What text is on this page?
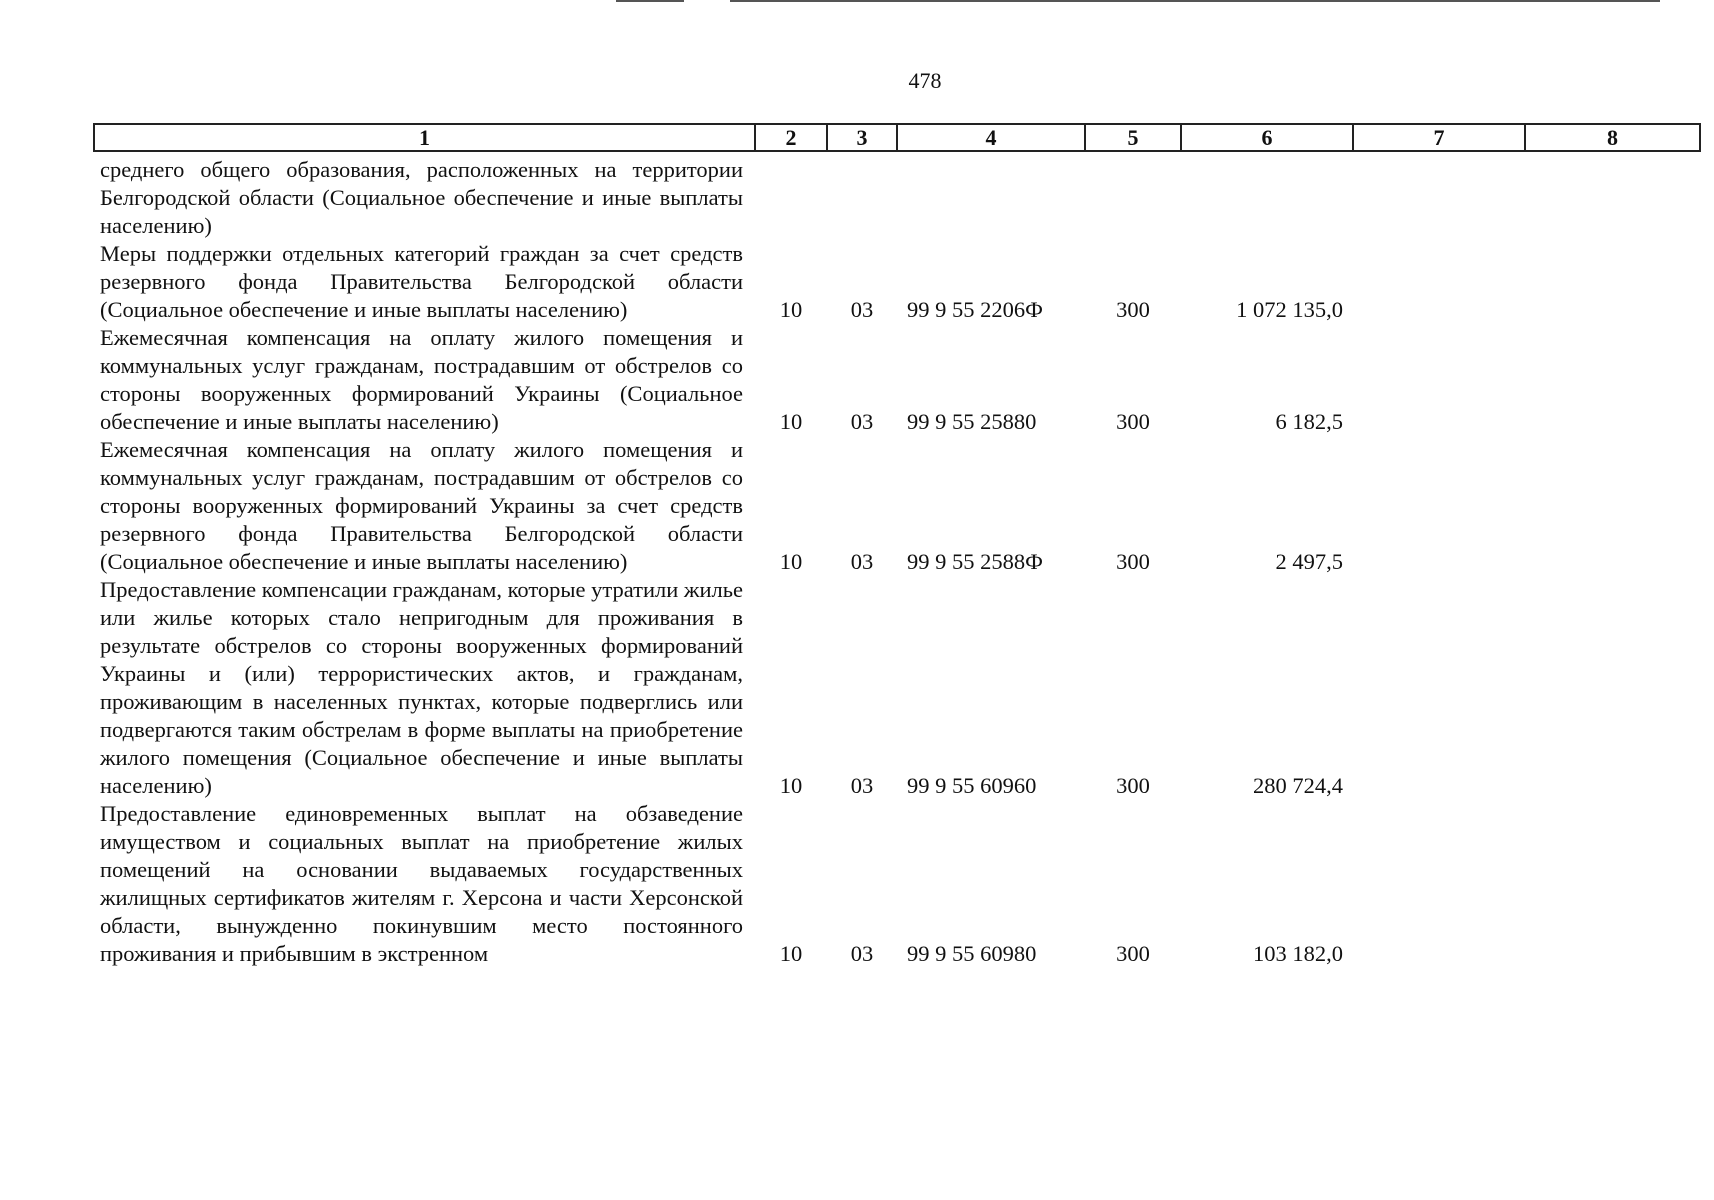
478
1	2	3	4	5	6	7	8
среднего общего образования, расположенных на территории Белгородской области (Социальное обеспечение и иные выплаты населению)							
Меры поддержки отдельных категорий граждан за счет средств резервного фонда Правительства Белгородской области (Социальное обеспечение и иные выплаты населению)	10	03	99 9 55 2206Ф	300	1 072 135,0		
Ежемесячная компенсация на оплату жилого помещения и коммунальных услуг гражданам, пострадавшим от обстрелов со стороны вооруженных формирований Украины (Социальное обеспечение и иные выплаты населению)	10	03	99 9 55 25880	300	6 182,5		
Ежемесячная компенсация на оплату жилого помещения и коммунальных услуг гражданам, пострадавшим от обстрелов со стороны вооруженных формирований Украины за счет средств резервного фонда Правительства Белгородской области (Социальное обеспечение и иные выплаты населению)	10	03	99 9 55 2588Ф	300	2 497,5		
Предоставление компенсации гражданам, которые утратили жилье или жилье которых стало непригодным для проживания в результате обстрелов со стороны вооруженных формирований Украины и (или) террористических актов, и гражданам, проживающим в населенных пунктах, которые подверглись или подвергаются таким обстрелам в форме выплаты на приобретение жилого помещения (Социальное обеспечение и иные выплаты населению)	10	03	99 9 55 60960	300	280 724,4		
Предоставление единовременных выплат на обзаведение имуществом и социальных выплат на приобретение жилых помещений на основании выдаваемых государственных жилищных сертификатов жителям г. Херсона и части Херсонской области, вынужденно покинувшим место постоянного проживания и прибывшим в экстренном	10	03	99 9 55 60980	300	103 182,0		
